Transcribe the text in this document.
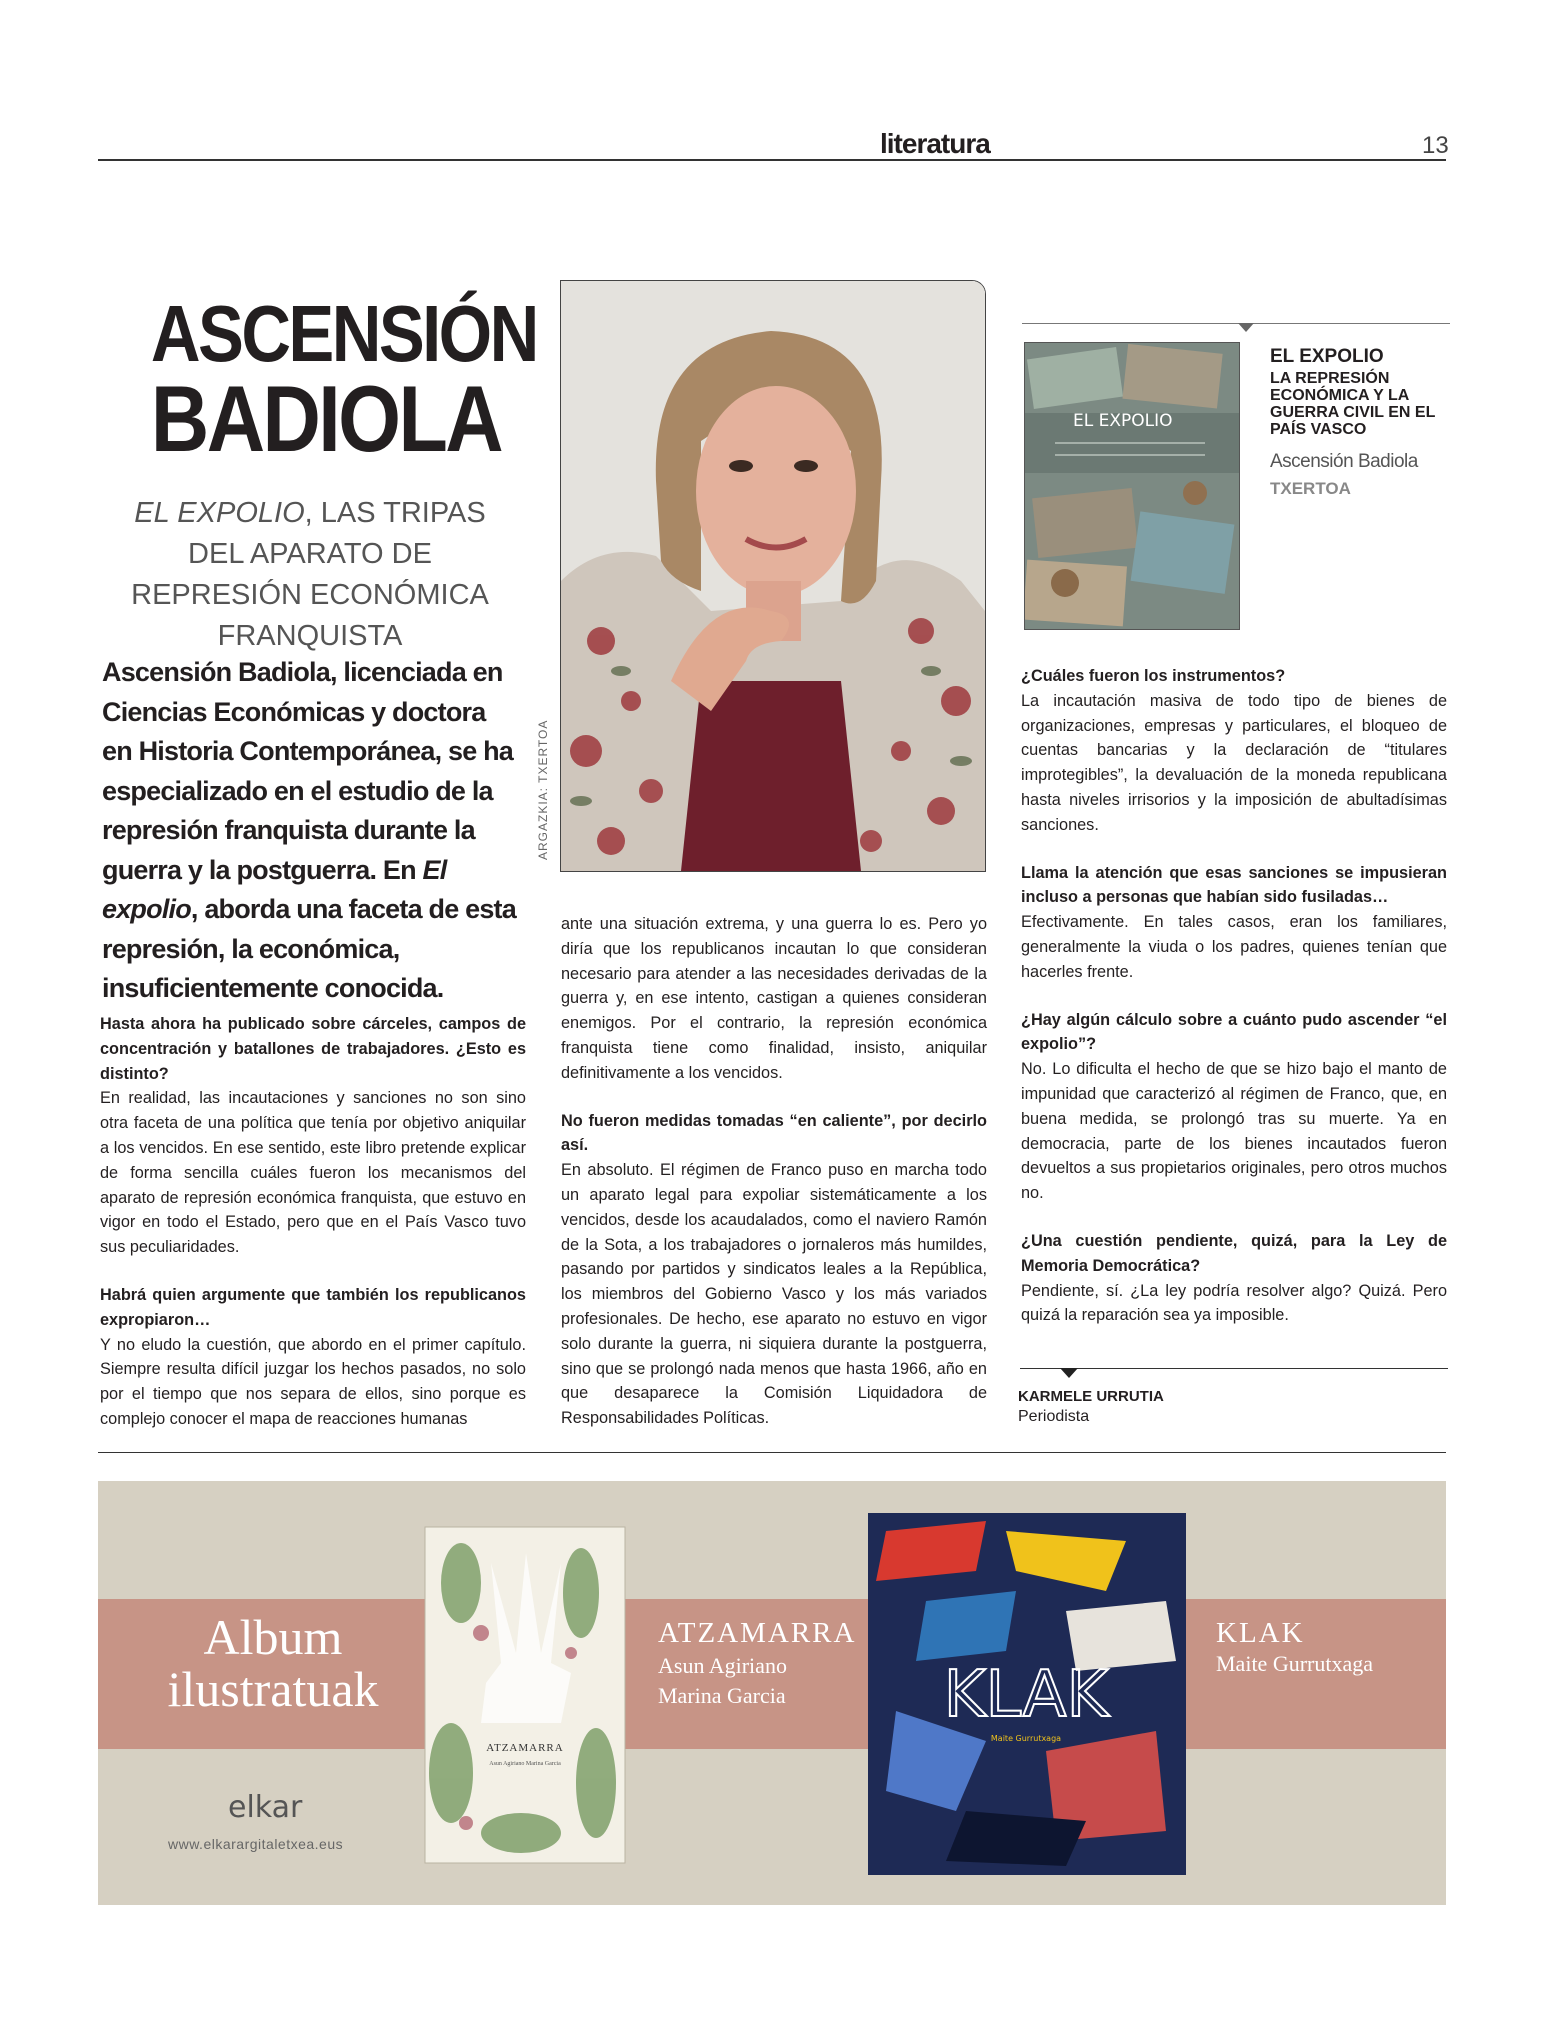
literatura	13
ASCENSIÓN
BADIOLA
EL EXPOLIO, LAS TRIPAS DEL APARATO DE REPRESIÓN ECONÓMICA FRANQUISTA
Ascensión Badiola, licenciada en Ciencias Económicas y doctora en Historia Contemporánea, se ha especializado en el estudio de la represión franquista durante la guerra y la postguerra. En El expolio, aborda una faceta de esta represión, la económica, insuficientemente conocida.
ARGAZKIA: TXERTOA
EL EXPOLIO
EL EXPOLIO
LA REPRESIÓN ECONÓMICA Y LA GUERRA CIVIL EN EL PAÍS VASCO
Ascensión Badiola
TXERTOA
Hasta ahora ha publicado sobre cárceles, campos de concentración y batallones de trabajadores. ¿Esto es distinto?
En realidad, las incautaciones y sanciones no son sino otra faceta de una política que tenía por objetivo aniquilar a los vencidos. En ese sentido, este libro pretende explicar de forma sencilla cuáles fueron los mecanismos del aparato de represión económica franquista, que estuvo en vigor en todo el Estado, pero que en el País Vasco tuvo sus peculiaridades.
Habrá quien argumente que también los republicanos expropiaron…
Y no eludo la cuestión, que abordo en el primer capítulo. Siempre resulta difícil juzgar los hechos pasados, no solo por el tiempo que nos separa de ellos, sino porque es complejo conocer el mapa de reacciones humanas
ante una situación extrema, y una guerra lo es. Pero yo diría que los republicanos incautan lo que consideran necesario para atender a las necesidades derivadas de la guerra y, en ese intento, castigan a quienes consideran enemigos. Por el contrario, la represión económica franquista tiene como finalidad, insisto, aniquilar definitivamente a los vencidos.
No fueron medidas tomadas “en caliente”, por decirlo así.
En absoluto. El régimen de Franco puso en marcha todo un aparato legal para expoliar sistemáticamente a los vencidos, desde los acaudalados, como el naviero Ramón de la Sota, a los trabajadores o jornaleros más humildes, pasando por partidos y sindicatos leales a la República, los miembros del Gobierno Vasco y los más variados profesionales. De hecho, ese aparato no estuvo en vigor solo durante la guerra, ni siquiera durante la postguerra, sino que se prolongó nada menos que hasta 1966, año en que desaparece la Comisión Liquidadora de Responsabilidades Políticas.
¿Cuáles fueron los instrumentos?
La incautación masiva de todo tipo de bienes de organizaciones, empresas y particulares, el bloqueo de cuentas bancarias y la declaración de “titulares improtegibles”, la devaluación de la moneda republicana hasta niveles irrisorios y la imposición de abultadísimas sanciones.
Llama la atención que esas sanciones se impusieran incluso a personas que habían sido fusiladas…
Efectivamente. En tales casos, eran los familiares, generalmente la viuda o los padres, quienes tenían que hacerles frente.
¿Hay algún cálculo sobre a cuánto pudo ascender “el expolio”?
No. Lo dificulta el hecho de que se hizo bajo el manto de impunidad que caracterizó al régimen de Franco, que, en buena medida, se prolongó tras su muerte. Ya en democracia, parte de los bienes incautados fueron devueltos a sus propietarios originales, pero otros muchos no.
¿Una cuestión pendiente, quizá, para la Ley de Memoria Democrática?
Pendiente, sí. ¿La ley podría resolver algo? Quizá. Pero quizá la reparación sea ya imposible.
KARMELE URRUTIA
Periodista
Album ilustratuak
ATZAMARRA
Asun Agiriano Marina Garcia
ATZAMARRA
Asun Agiriano Marina Garcia	KLAK
Maite Gurrutxaga
KLAK
Maite Gurrutxaga
elkar
www.elkarargitaletxea.eus
